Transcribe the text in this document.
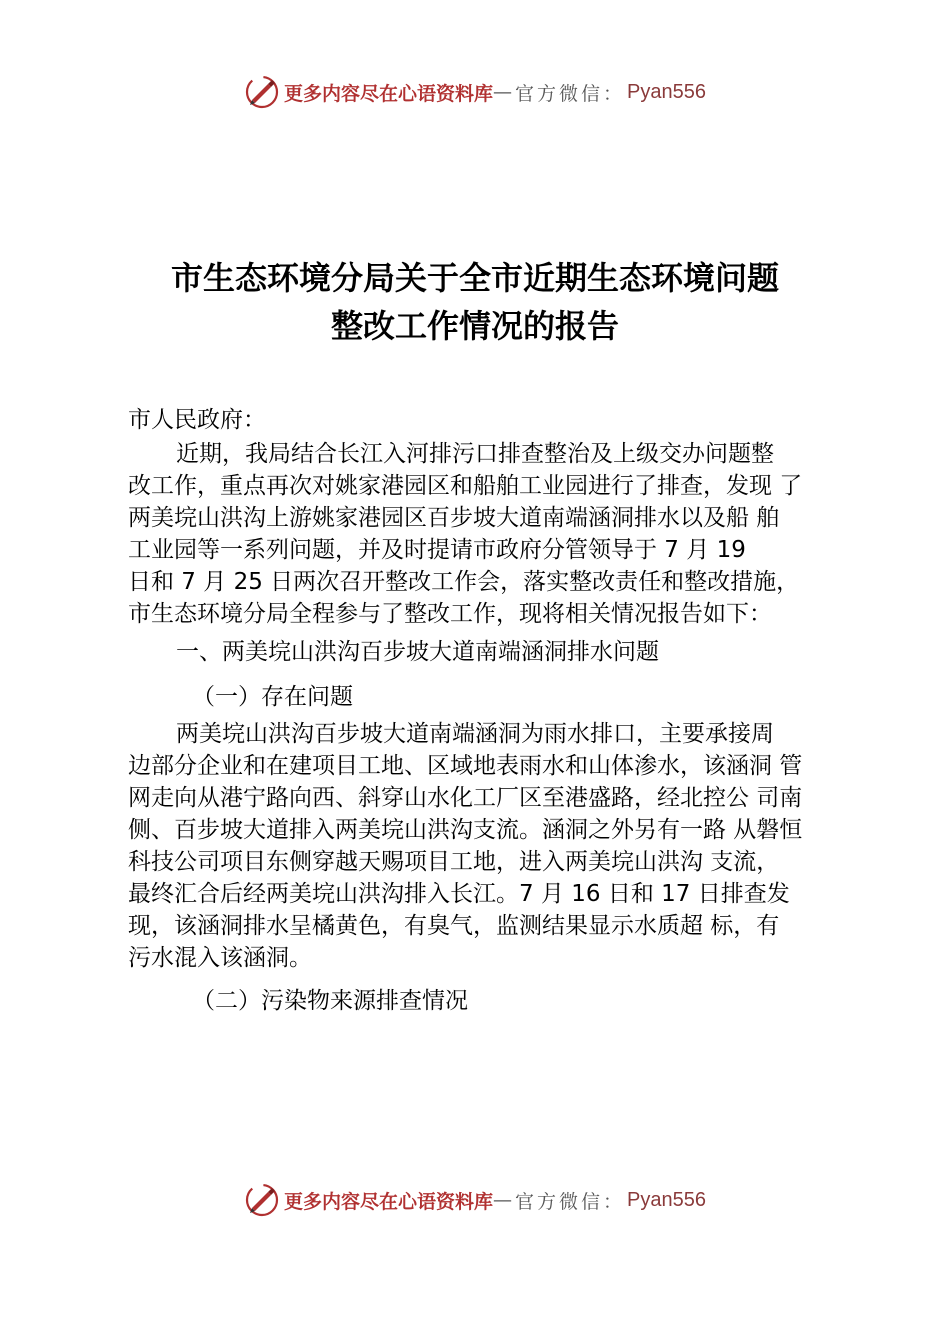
更多内容尽在心语资料库 — 官方微信： Pyan556
市生态环境分局关于全市近期生态环境问题
整改工作情况的报告

市人民政府：

近期，我局结合长江入河排污口排查整治及上级交办问题整

改工作，重点再次对姚家港园区和船舶工业园进行了排查，发现 了

两美垸山洪沟上游姚家港园区百步坡大道南端涵洞排水以及船 舶

工业园等一系列问题，并及时提请市政府分管领导于 7 月 19

日和 7 月 25 日两次召开整改工作会，落实整改责任和整改措施，

市生态环境分局全程参与了整改工作，现将相关情况报告如下：

一、两美垸山洪沟百步坡大道南端涵洞排水问题

（一）存在问题

两美垸山洪沟百步坡大道南端涵洞为雨水排口，主要承接周

边部分企业和在建项目工地、区域地表雨水和山体渗水，该涵洞 管

网走向从港宁路向西、斜穿山水化工厂区至港盛路，经北控公 司南

侧、百步坡大道排入两美垸山洪沟支流。涵洞之外另有一路 从磐恒

科技公司项目东侧穿越天赐项目工地，进入两美垸山洪沟 支流，

最终汇合后经两美垸山洪沟排入长江。7 月 16 日和 17 日排查发

现，该涵洞排水呈橘黄色，有臭气，监测结果显示水质超 标，有

污水混入该涵洞。

（二）污染物来源排查情况

更多内容尽在心语资料库 — 官方微信： Pyan556
